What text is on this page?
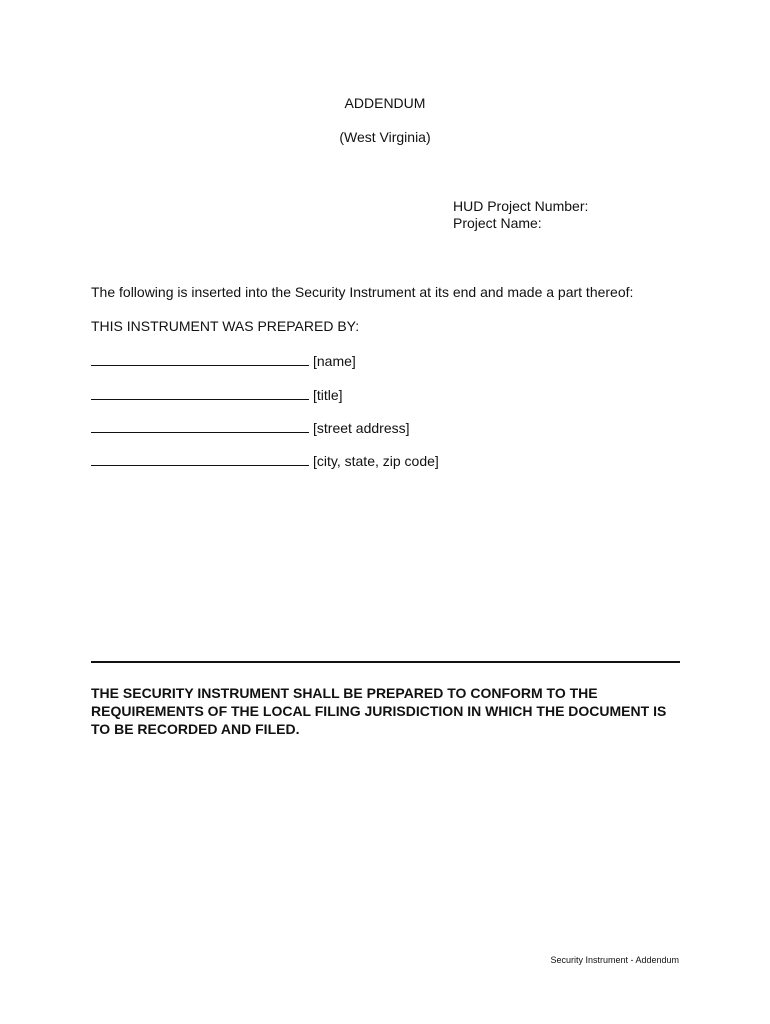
ADDENDUM
(West Virginia)
HUD Project Number:
Project Name:
The following is inserted into the Security Instrument at its end and made a part thereof:
THIS INSTRUMENT WAS PREPARED BY:
[name]
[title]
[street address]
[city, state, zip code]
THE SECURITY INSTRUMENT SHALL BE PREPARED TO CONFORM TO THE REQUIREMENTS OF THE LOCAL FILING JURISDICTION IN WHICH THE DOCUMENT IS TO BE RECORDED AND FILED.
Security Instrument - Addendum
